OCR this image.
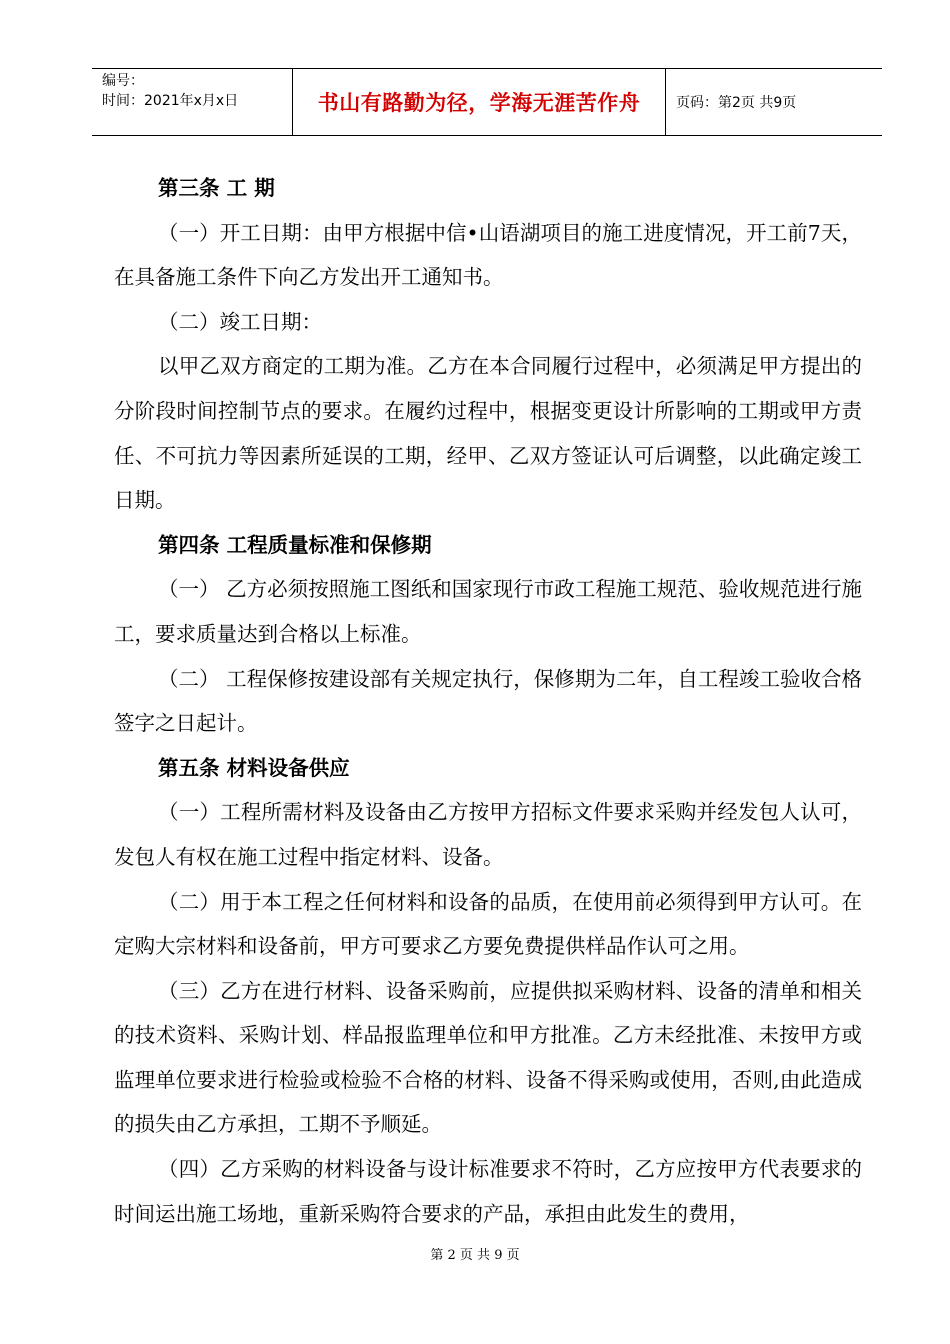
编号：
时间：2021年x月x日	书山有路勤为径，学海无涯苦作舟	页码：第2页 共9页

第三条 工 期

（一）开工日期：由甲方根据中信•山语湖项目的施工进度情况，开工前7天，在具备施工条件下向乙方发出开工通知书。

（二）竣工日期：

以甲乙双方商定的工期为准。乙方在本合同履行过程中，必须满足甲方提出的分阶段时间控制节点的要求。在履约过程中，根据变更设计所影响的工期或甲方责任、不可抗力等因素所延误的工期，经甲、乙双方签证认可后调整，以此确定竣工日期。

第四条 工程质量标准和保修期

（一） 乙方必须按照施工图纸和国家现行市政工程施工规范、验收规范进行施工，要求质量达到合格以上标准。

（二） 工程保修按建设部有关规定执行，保修期为二年，自工程竣工验收合格签字之日起计。

第五条 材料设备供应

（一）工程所需材料及设备由乙方按甲方招标文件要求采购并经发包人认可，发包人有权在施工过程中指定材料、设备。

（二）用于本工程之任何材料和设备的品质，在使用前必须得到甲方认可。在定购大宗材料和设备前，甲方可要求乙方要免费提供样品作认可之用。

（三）乙方在进行材料、设备采购前，应提供拟采购材料、设备的清单和相关的技术资料、采购计划、样品报监理单位和甲方批准。乙方未经批准、未按甲方或监理单位要求进行检验或检验不合格的材料、设备不得采购或使用，否则,由此造成的损失由乙方承担，工期不予顺延。

（四）乙方采购的材料设备与设计标准要求不符时，乙方应按甲方代表要求的时间运出施工场地，重新采购符合要求的产品，承担由此发生的费用，

第 2 页 共 9 页
